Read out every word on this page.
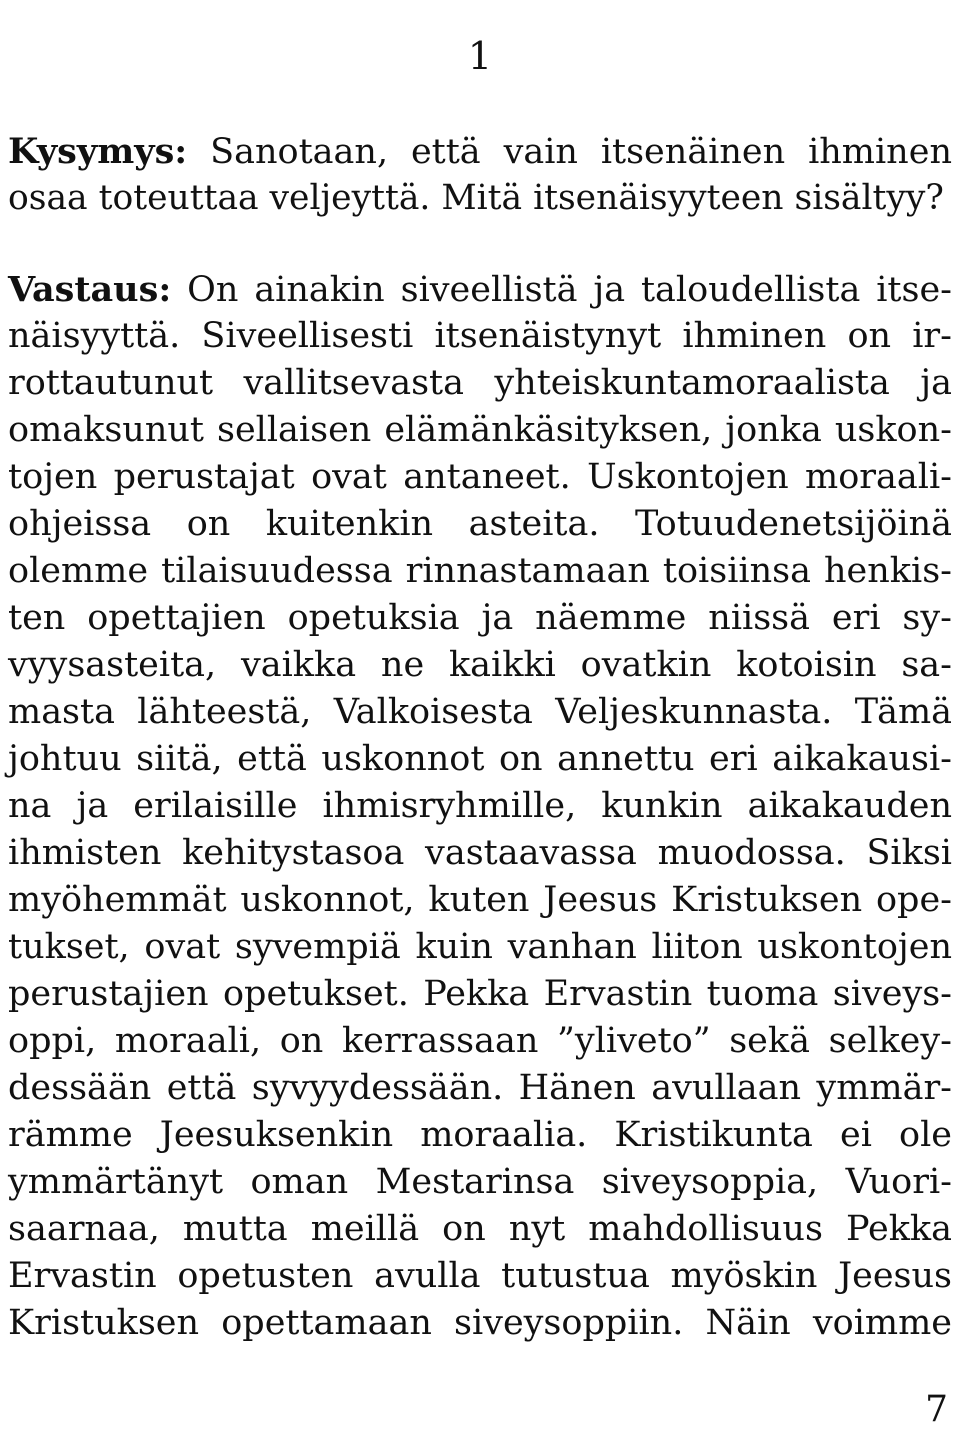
1
Kysymys: Sanotaan, että vain itsenäinen ihminen
osaa toteuttaa veljeyttä. Mitä itsenäisyyteen sisältyy?
Vastaus: On ainakin siveellistä ja taloudellista itse-
näisyyttä. Siveellisesti itsenäistynyt ihminen on ir-
rottautunut vallitsevasta yhteiskuntamoraalista ja
omaksunut sellaisen elämänkäsityksen, jonka uskon-
tojen perustajat ovat antaneet. Uskontojen moraali-
ohjeissa on kuitenkin asteita. Totuudenetsijöinä
olemme tilaisuudessa rinnastamaan toisiinsa henkis-
ten opettajien opetuksia ja näemme niissä eri sy-
vyysasteita, vaikka ne kaikki ovatkin kotoisin sa-
masta lähteestä, Valkoisesta Veljeskunnasta. Tämä
johtuu siitä, että uskonnot on annettu eri aikakausi-
na ja erilaisille ihmisryhmille, kunkin aikakauden
ihmisten kehitystasoa vastaavassa muodossa. Siksi
myöhemmät uskonnot, kuten Jeesus Kristuksen ope-
tukset, ovat syvempiä kuin vanhan liiton uskontojen
perustajien opetukset. Pekka Ervastin tuoma siveys-
oppi, moraali, on kerrassaan ”yliveto” sekä selkey-
dessään että syvyydessään. Hänen avullaan ymmär-
rämme Jeesuksenkin moraalia. Kristikunta ei ole
ymmärtänyt oman Mestarinsa siveysoppia, Vuori-
saarnaa, mutta meillä on nyt mahdollisuus Pekka
Ervastin opetusten avulla tutustua myöskin Jeesus
Kristuksen opettamaan siveysoppiin. Näin voimme
7
